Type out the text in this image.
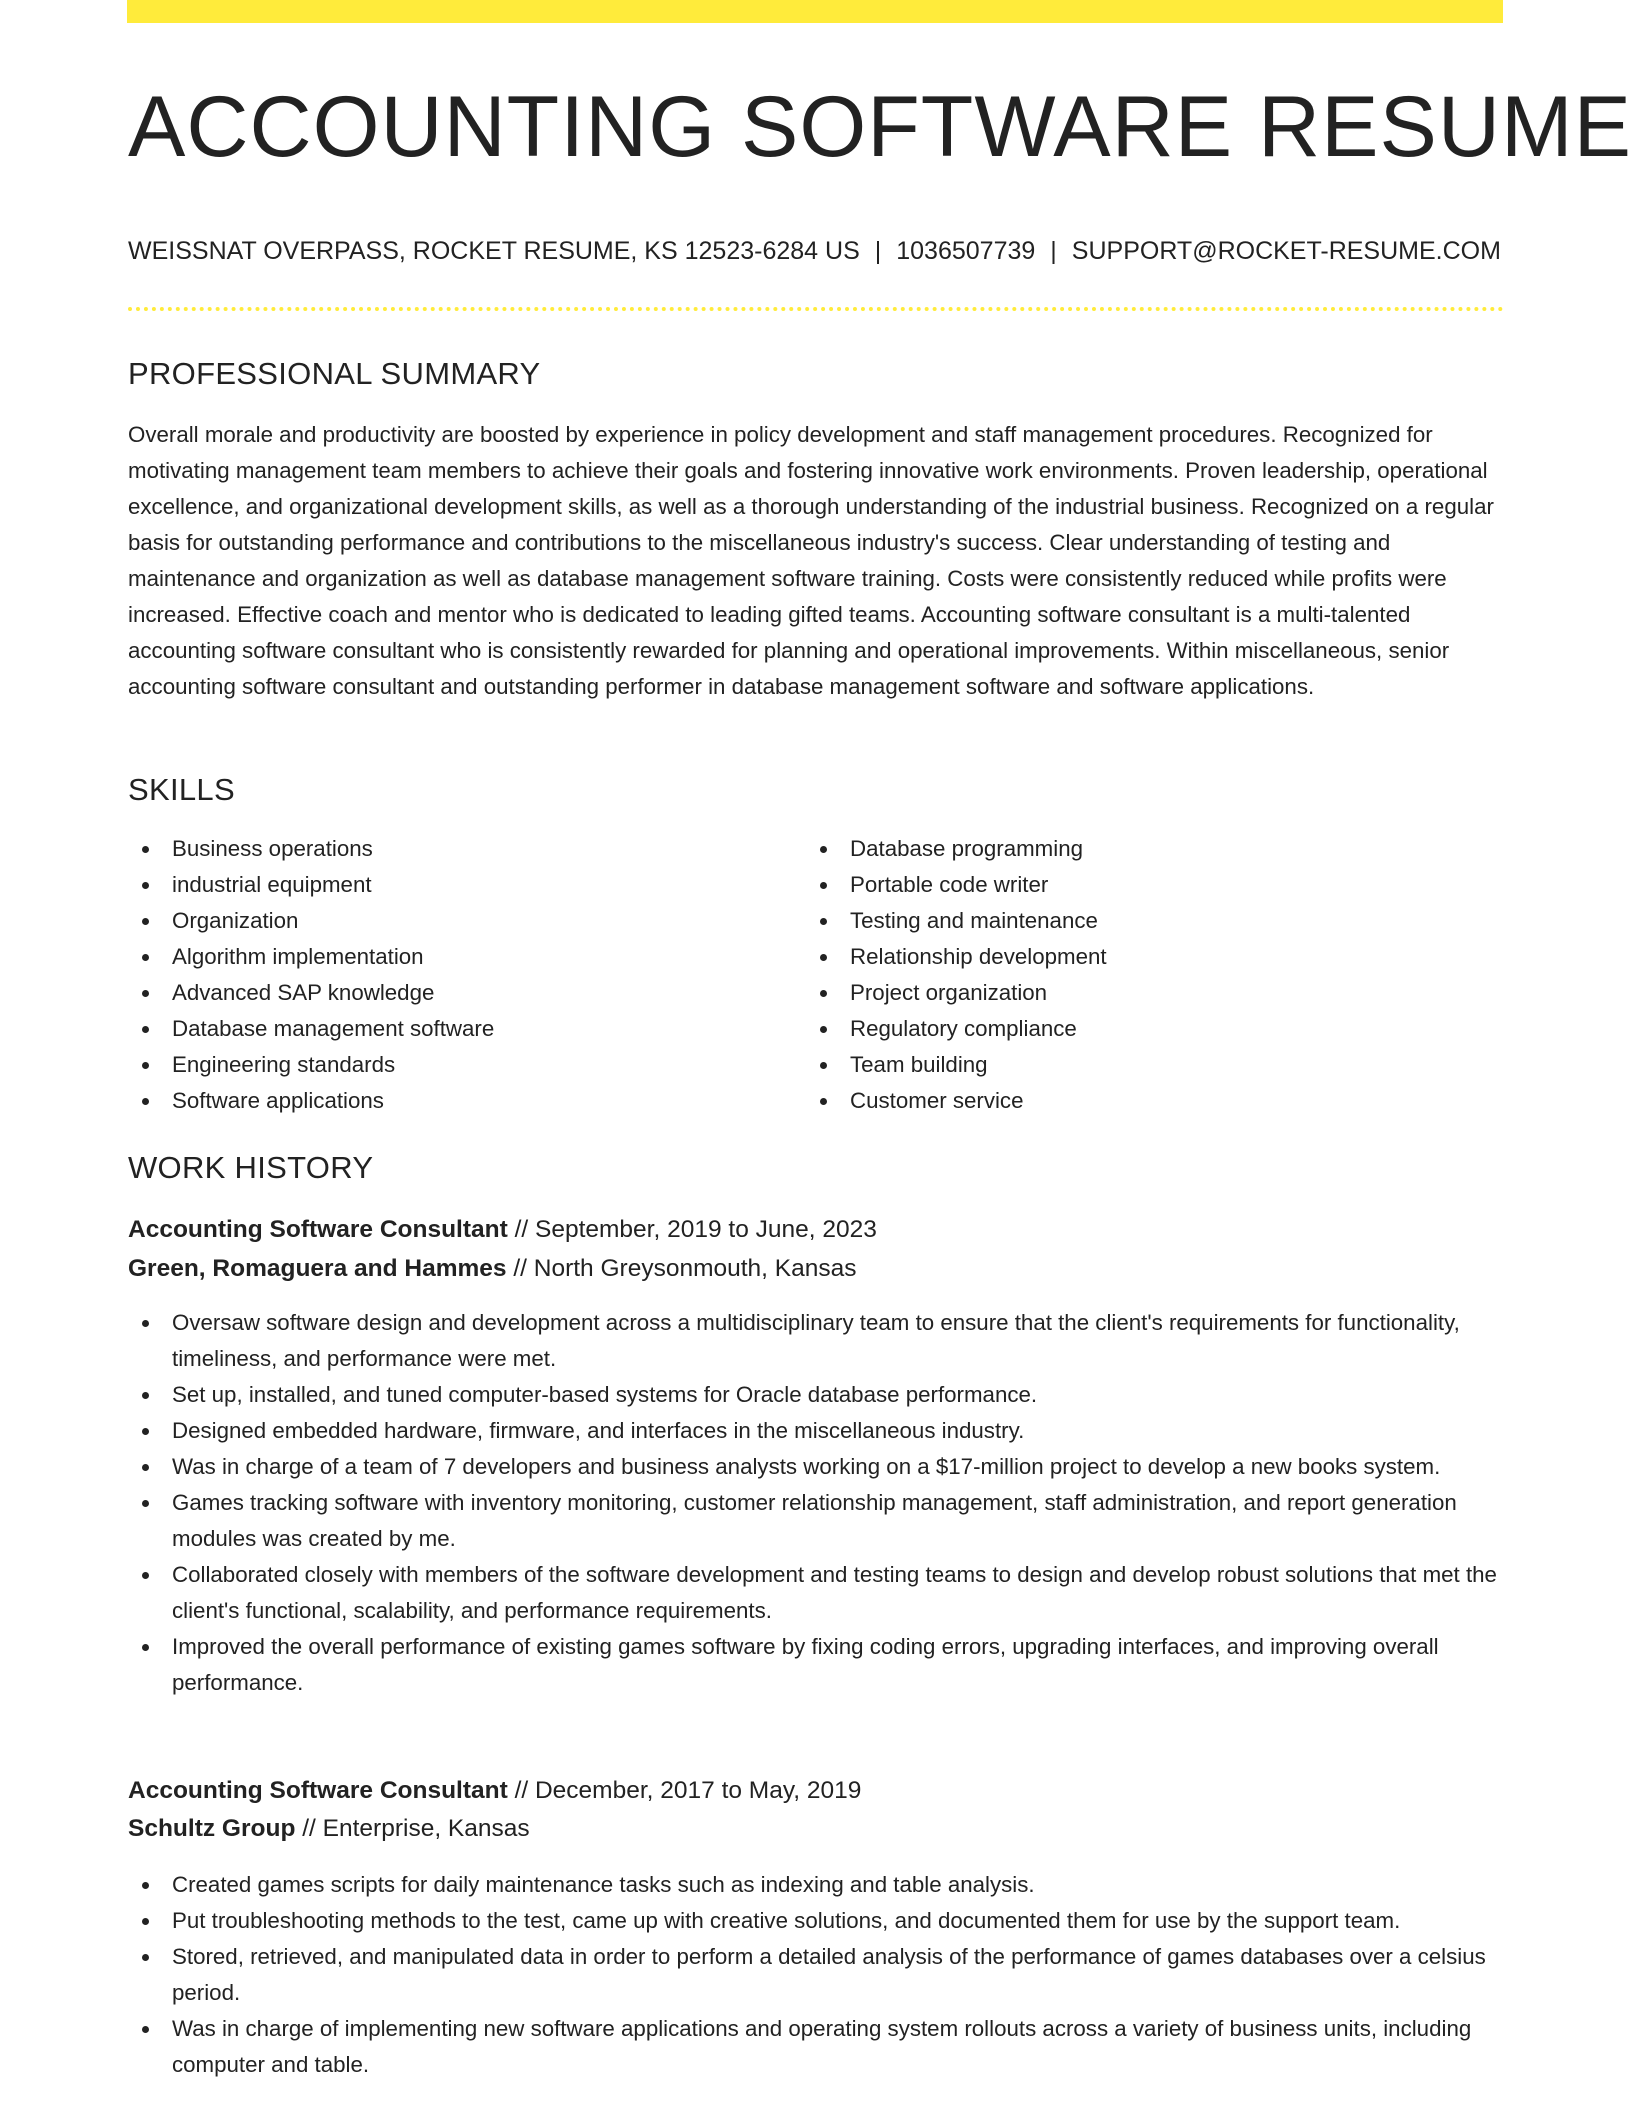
ACCOUNTING SOFTWARE RESUME
WEISSNAT OVERPASS, ROCKET RESUME, KS 12523-6284 US | 1036507739 | SUPPORT@ROCKET-RESUME.COM
PROFESSIONAL SUMMARY

Overall morale and productivity are boosted by experience in policy development and staff management procedures. Recognized for motivating management team members to achieve their goals and fostering innovative work environments. Proven leadership, operational excellence, and organizational development skills, as well as a thorough understanding of the industrial business. Recognized on a regular basis for outstanding performance and contributions to the miscellaneous industry's success. Clear understanding of testing and maintenance and organization as well as database management software training. Costs were consistently reduced while profits were increased. Effective coach and mentor who is dedicated to leading gifted teams. Accounting software consultant is a multi-talented accounting software consultant who is consistently rewarded for planning and operational improvements. Within miscellaneous, senior accounting software consultant and outstanding performer in database management software and software applications.

SKILLS
Business operations
industrial equipment
Organization
Algorithm implementation
Advanced SAP knowledge
Database management software
Engineering standards
Software applications
Database programming
Portable code writer
Testing and maintenance
Relationship development
Project organization
Regulatory compliance
Team building
Customer service
WORK HISTORY
Accounting Software Consultant // September, 2019 to June, 2023
Green, Romaguera and Hammes // North Greysonmouth, Kansas
Oversaw software design and development across a multidisciplinary team to ensure that the client's requirements for functionality, timeliness, and performance were met.
Set up, installed, and tuned computer-based systems for Oracle database performance.
Designed embedded hardware, firmware, and interfaces in the miscellaneous industry.
Was in charge of a team of 7 developers and business analysts working on a $17-million project to develop a new books system.
Games tracking software with inventory monitoring, customer relationship management, staff administration, and report generation modules was created by me.
Collaborated closely with members of the software development and testing teams to design and develop robust solutions that met the client's functional, scalability, and performance requirements.
Improved the overall performance of existing games software by fixing coding errors, upgrading interfaces, and improving overall performance.
Accounting Software Consultant // December, 2017 to May, 2019
Schultz Group // Enterprise, Kansas
Created games scripts for daily maintenance tasks such as indexing and table analysis.
Put troubleshooting methods to the test, came up with creative solutions, and documented them for use by the support team.
Stored, retrieved, and manipulated data in order to perform a detailed analysis of the performance of games databases over a celsius period.
Was in charge of implementing new software applications and operating system rollouts across a variety of business units, including computer and table.
